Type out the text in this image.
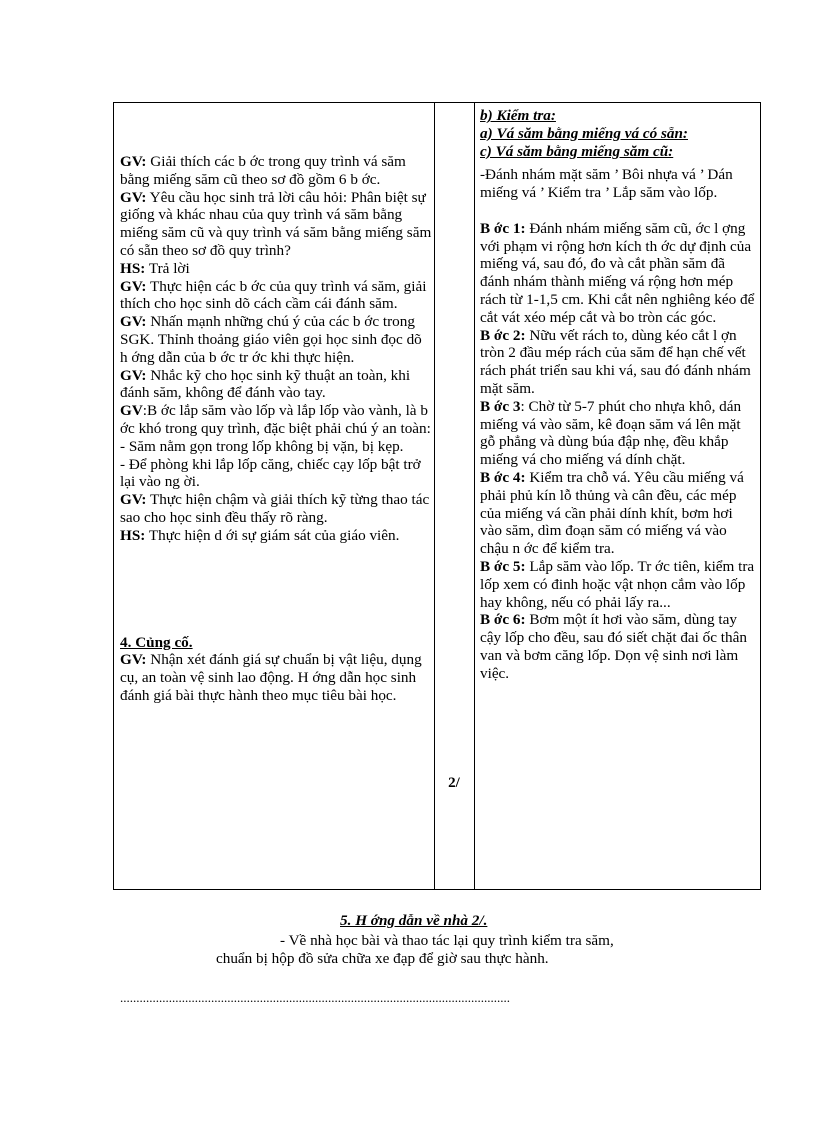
GV: Giải thích các b ớc trong quy trình vá săm bằng miếng săm cũ theo sơ đồ gồm 6 b ớc.

GV: Yêu cầu học sinh trả lời câu hỏi: Phân biệt sự giống và khác nhau của quy trình vá săm bằng miếng săm cũ và quy trình vá săm bằng miếng săm có sẵn theo sơ đồ quy trình?

HS: Trả lời

GV: Thực hiện các b ớc của quy trình vá săm, giải thích cho học sinh dõ cách cầm cái đánh săm.

GV: Nhấn mạnh những chú ý của các b ớc trong SGK. Thỉnh thoảng giáo viên gọi học sinh đọc dõ h ớng dẫn của b ớc tr ớc khi thực hiện.

GV: Nhắc kỹ cho học sinh kỹ thuật an toàn, khi đánh săm, không để đánh vào tay.

GV:B ớc lắp săm vào lốp và lắp lốp vào vành, là b ớc khó trong quy trình, đặc biệt phải chú ý an toàn:

- Săm nằm gọn trong lốp không bị vặn, bị kẹp.

- Để phòng khi lắp lốp căng, chiếc cạy lốp bật trở lại vào ng ời.

GV: Thực hiện chậm và giải thích kỹ từng thao tác sao cho học sinh đều thấy rõ ràng.

HS: Thực hiện d ới sự giám sát của giáo viên.

4. Củng cố.

GV: Nhận xét đánh giá sự chuẩn bị vật liệu, dụng cụ, an toàn vệ sinh lao động. H ớng dẫn học sinh đánh giá bài thực hành theo mục tiêu bài học.

2/

b) Kiểm tra:

a) Vá săm bằng miếng vá có sẵn:

c) Vá săm bằng miếng săm cũ:

-Đánh nhám mặt săm ’ Bôi nhựa vá ’ Dán miếng vá ’ Kiểm tra ’ Lắp săm vào lốp.

B ớc 1: Đánh nhám miếng săm cũ, ớc l ợng với phạm vi rộng hơn kích th ớc dự định của miếng vá, sau đó, đo và cắt phần săm đã đánh nhám thành miếng vá rộng hơn mép rách từ 1-1,5 cm. Khi cắt nên nghiêng kéo để cắt vát xéo mép cắt và bo tròn các góc.

B ớc 2: Nữu vết rách to, dùng kéo cắt l ợn tròn 2 đầu mép rách của săm để hạn chế vết rách phát triển sau khi vá, sau đó đánh nhám mặt săm.

B ớc 3: Chờ từ 5-7 phút cho nhựa khô, dán miếng vá vào săm, kê đoạn săm vá lên mặt gỗ phẳng và dùng búa đập nhẹ, đều khắp miếng vá cho miếng vá dính chặt.

B ớc 4: Kiểm tra chỗ vá. Yêu cầu miếng vá phải phủ kín lỗ thủng và cân đều, các mép của miếng vá cần phải dính khít, bơm hơi vào săm, dìm đoạn săm có miếng vá vào chậu n ớc để kiểm tra.

B ớc 5: Lắp săm vào lốp. Tr ớc tiên, kiểm tra lốp xem có đinh hoặc vật nhọn cắm vào lốp hay không, nếu có phải lấy ra...

B ớc 6: Bơm một ít hơi vào săm, dùng tay cậy lốp cho đều, sau đó siết chặt đai ốc thân van và bơm căng lốp. Dọn vệ sinh nơi làm việc.

5. H ớng dẫn về nhà 2/.
- Về nhà học bài và thao tác lại quy trình kiểm tra săm,
chuẩn bị hộp đồ sửa chữa xe đạp để giờ sau thực hành.
........................................................................................................................
